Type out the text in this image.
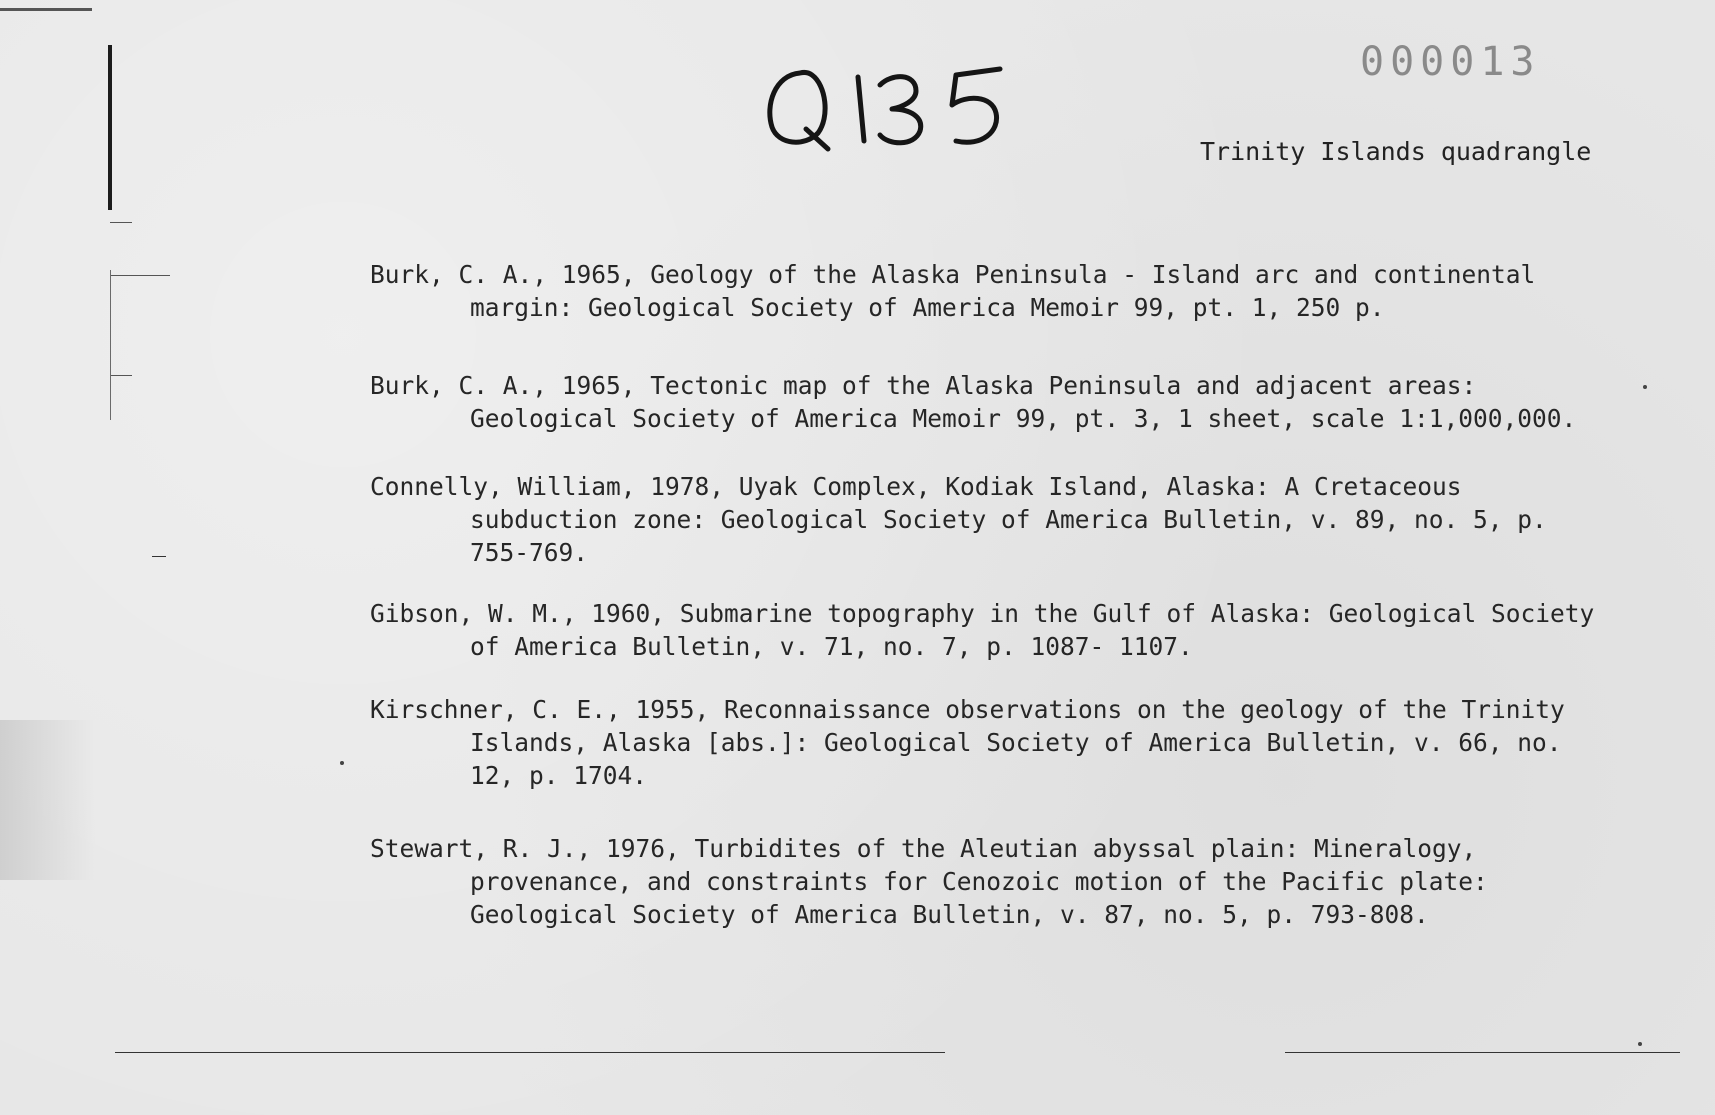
000013
Trinity Islands quadrangle
Burk, C. A., 1965, Geology of the Alaska Peninsula - Island arc and continental margin: Geological Society of America Memoir 99, pt. 1, 250 p.
Burk, C. A., 1965, Tectonic map of the Alaska Peninsula and adjacent areas: Geological Society of America Memoir 99, pt. 3, 1 sheet, scale 1:1,000,000.
Connelly, William, 1978, Uyak Complex, Kodiak Island, Alaska: A Cretaceous subduction zone: Geological Society of America Bulletin, v. 89, no. 5, p. 755-769.
Gibson, W. M., 1960, Submarine topography in the Gulf of Alaska: Geological Society of America Bulletin, v. 71, no. 7, p. 1087- 1107.
Kirschner, C. E., 1955, Reconnaissance observations on the geology of the Trinity Islands, Alaska [abs.]: Geological Society of America Bulletin, v. 66, no. 12, p. 1704.
Stewart, R. J., 1976, Turbidites of the Aleutian abyssal plain: Mineralogy, provenance, and constraints for Cenozoic motion of the Pacific plate: Geological Society of America Bulletin, v. 87, no. 5, p. 793-808.
